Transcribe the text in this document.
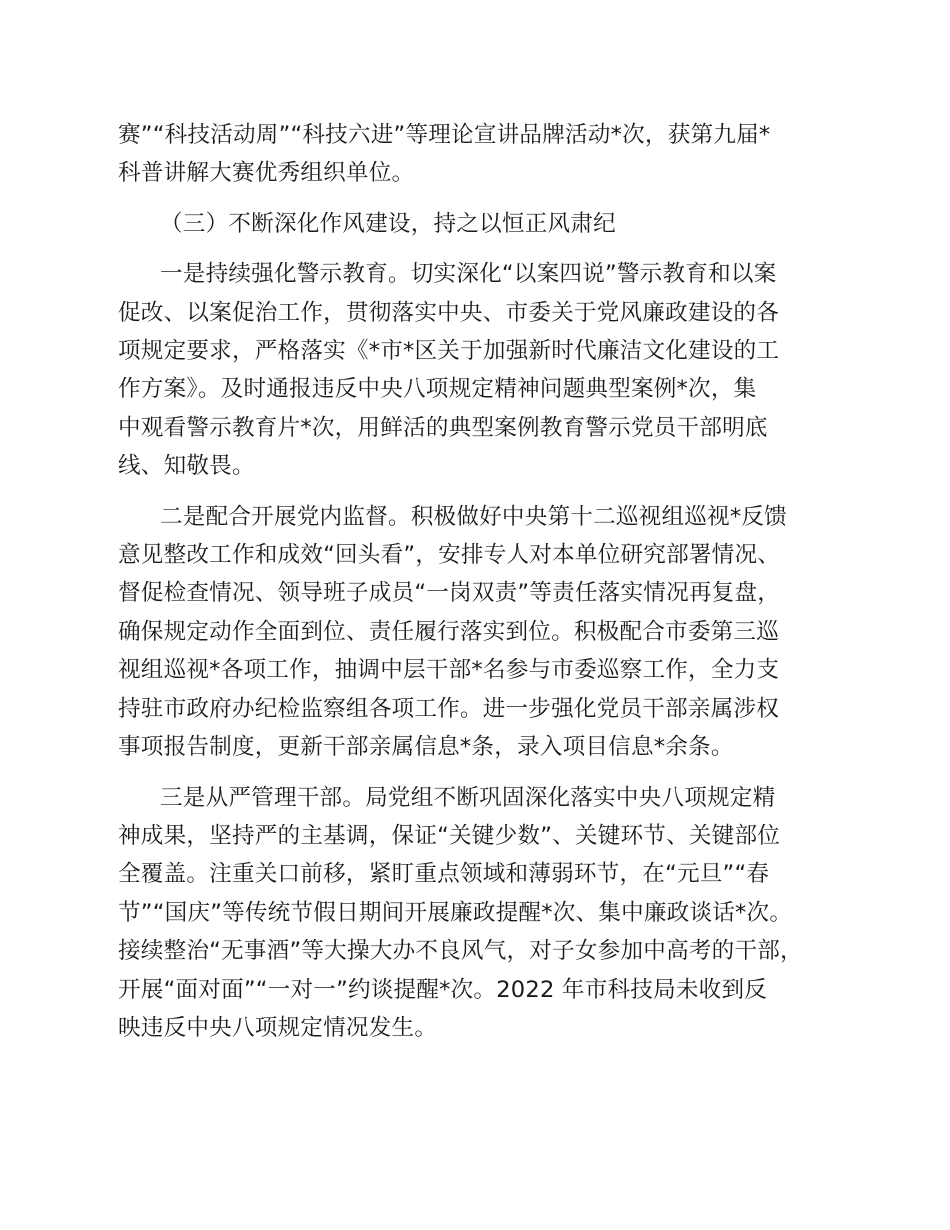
赛”“科技活动周”“科技六进”等理论宣讲品牌活动*次，获第九届*
科普讲解大赛优秀组织单位。

（三）不断深化作风建设，持之以恒正风肃纪

一是持续强化警示教育。切实深化“以案四说”警示教育和以案
促改、以案促治工作，贯彻落实中央、市委关于党风廉政建设的各
项规定要求，严格落实《*市*区关于加强新时代廉洁文化建设的工
作方案》。及时通报违反中央八项规定精神问题典型案例*次，集
中观看警示教育片*次，用鲜活的典型案例教育警示党员干部明底
线、知敬畏。

二是配合开展党内监督。积极做好中央第十二巡视组巡视*反馈
意见整改工作和成效“回头看”，安排专人对本单位研究部署情况、
督促检查情况、领导班子成员“一岗双责”等责任落实情况再复盘，
确保规定动作全面到位、责任履行落实到位。积极配合市委第三巡
视组巡视*各项工作，抽调中层干部*名参与市委巡察工作，全力支
持驻市政府办纪检监察组各项工作。进一步强化党员干部亲属涉权
事项报告制度，更新干部亲属信息*条，录入项目信息*余条。

三是从严管理干部。局党组不断巩固深化落实中央八项规定精
神成果，坚持严的主基调，保证“关键少数”、关键环节、关键部位
全覆盖。注重关口前移，紧盯重点领域和薄弱环节，在“元旦”“春
节”“国庆”等传统节假日期间开展廉政提醒*次、集中廉政谈话*次。
接续整治“无事酒”等大操大办不良风气，对子女参加中高考的干部，
开展“面对面”“一对一”约谈提醒*次。2022 年市科技局未收到反
映违反中央八项规定情况发生。
